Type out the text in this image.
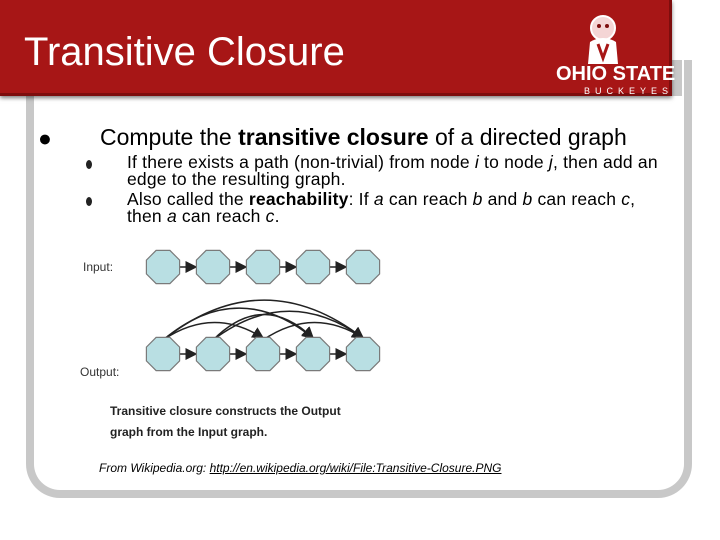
Transitive Closure	OHIO STATE
BUCKEYES
● Compute the transitive closure of a directed graph
If there exists a path (non-trivial) from node i to node j, then add an edge to the resulting graph.
Also called the reachability: If a can reach b and b can reach c, then a can reach c.
Input:
Output:
Transitive closure constructs the Output
graph from the Input graph.
From Wikipedia.org: http://en.wikipedia.org/wiki/File:Transitive-Closure.PNG
